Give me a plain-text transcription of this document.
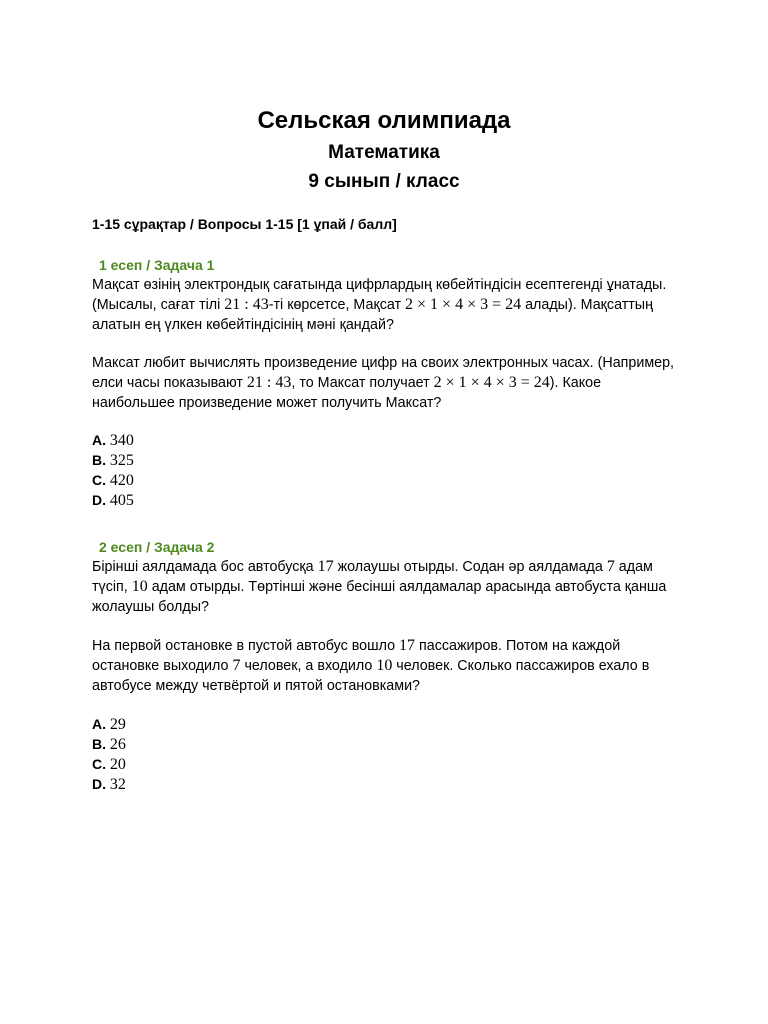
Сельская олимпиада
Математика
9 сынып / класс
1-15 сұрақтар / Вопросы 1-15 [1 ұпай / балл]
1 есеп / Задача 1
Мақсат өзінің электрондық сағатында цифрлардың көбейтіндісін есептегенді ұнатады. (Мысалы, сағат тілі 21 : 43-ті көрсетсе, Мақсат 2 × 1 × 4 × 3 = 24 алады). Мақсаттың алатын ең үлкен көбейтіндісінің мәні қандай?
Максат любит вычислять произведение цифр на своих электронных часах. (Например, елси часы показывают 21 : 43, то Максат получает 2 × 1 × 4 × 3 = 24). Какое наибольшее произведение может получить Максат?
A. 340
B. 325
C. 420
D. 405
2 есеп / Задача 2
Бірінші аялдамада бос автобусқа 17 жолаушы отырды. Содан әр аялдамада 7 адам түсіп, 10 адам отырды. Төртінші және бесінші аялдамалар арасында автобуста қанша жолаушы болды?
На первой остановке в пустой автобус вошло 17 пассажиров. Потом на каждой остановке выходило 7 человек, а входило 10 человек. Сколько пассажиров ехало в автобусе между четвёртой и пятой остановками?
A. 29
B. 26
C. 20
D. 32
